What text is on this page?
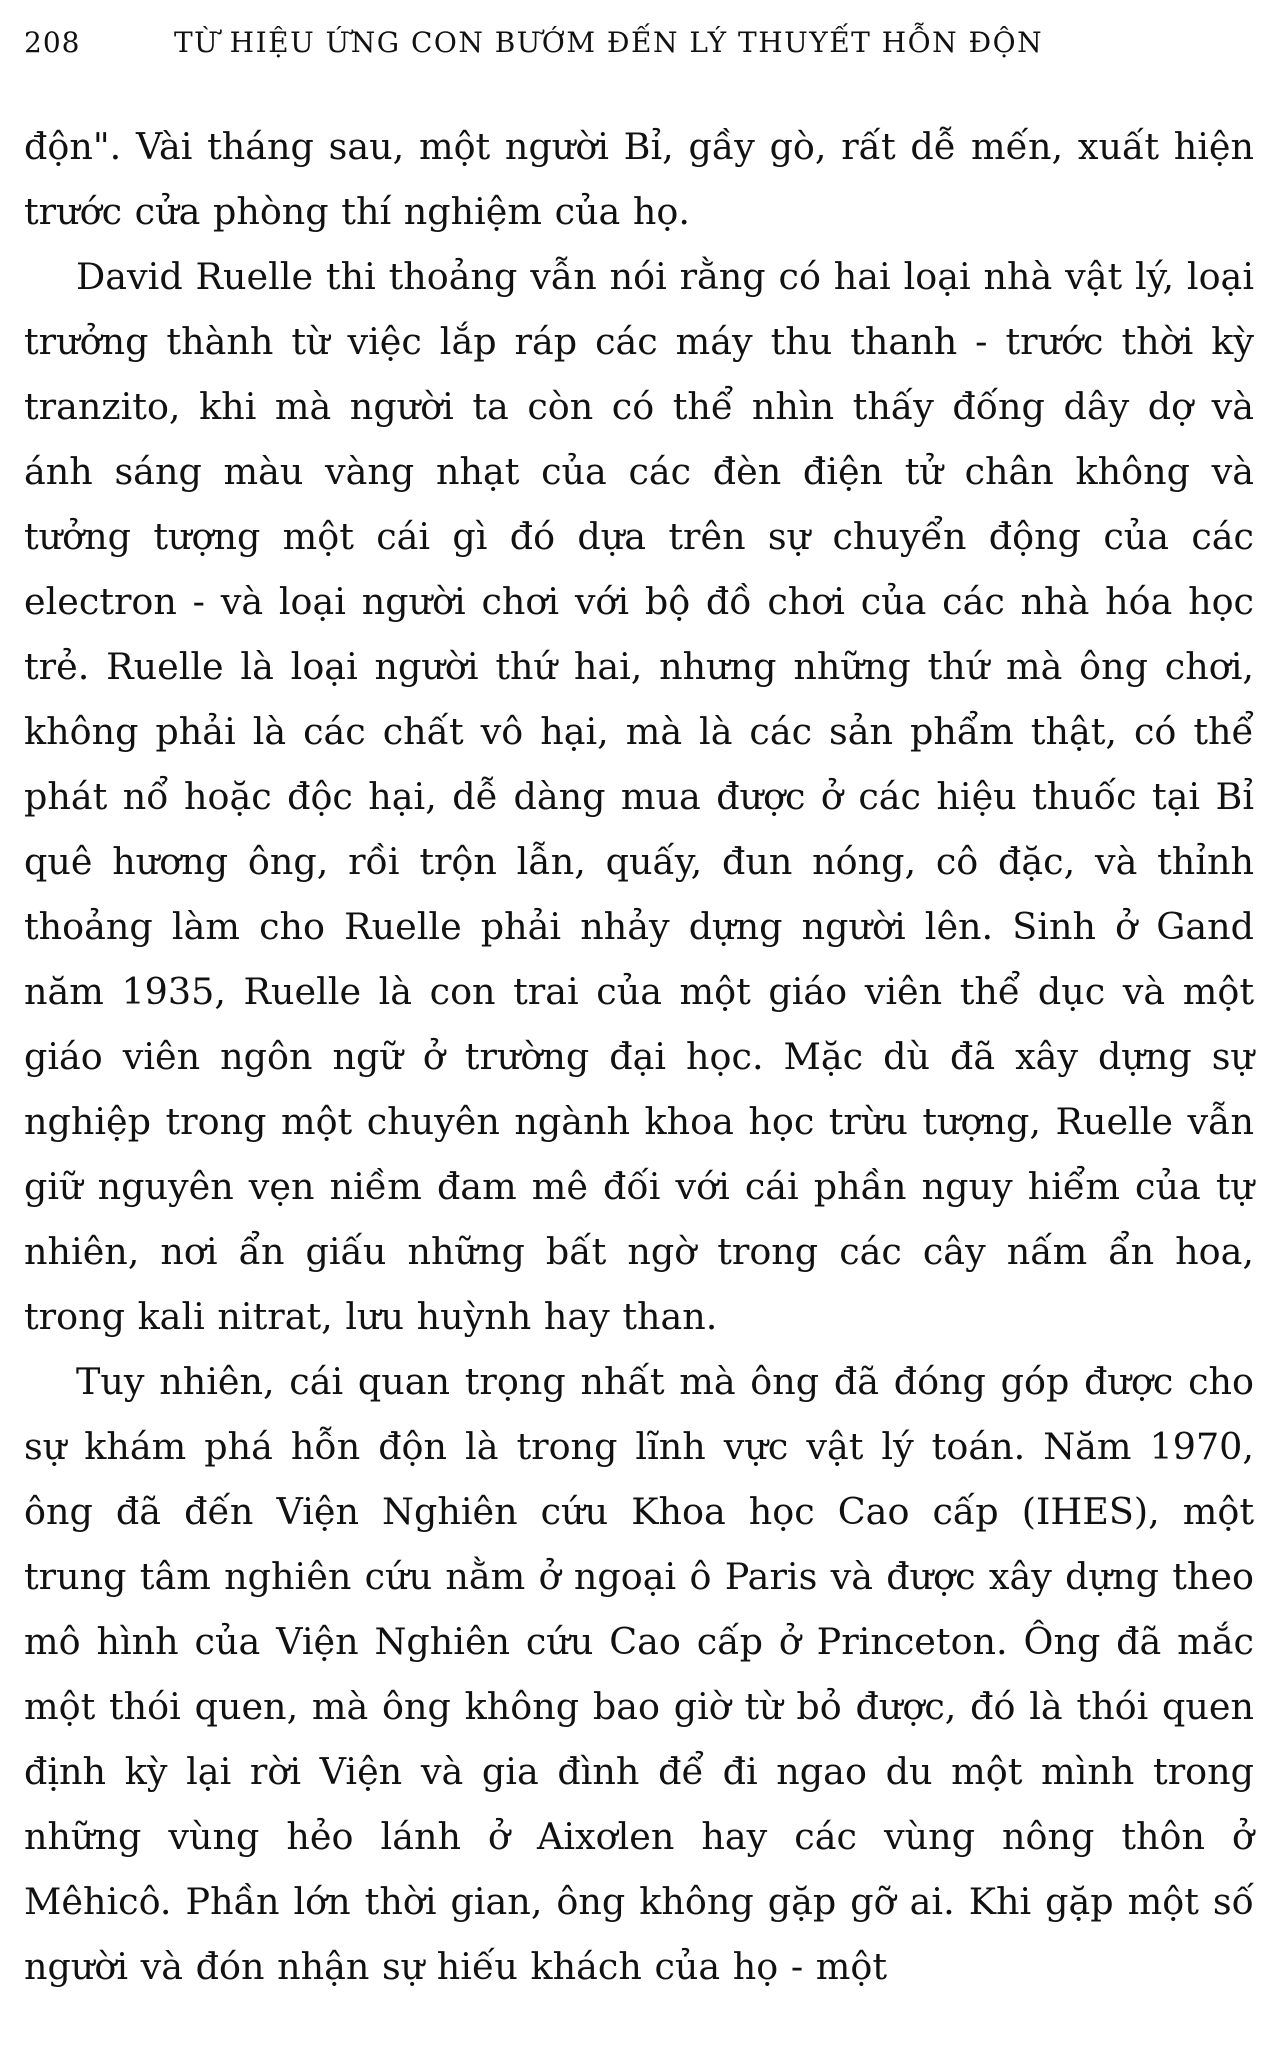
208	TỪ HIỆU ỨNG CON BƯỚM ĐẾN LÝ THUYẾT HỖN ĐỘN

độn". Vài tháng sau, một người Bỉ, gầy gò, rất dễ mến, xuất hiện trước cửa phòng thí nghiệm của họ.

David Ruelle thi thoảng vẫn nói rằng có hai loại nhà vật lý, loại trưởng thành từ việc lắp ráp các máy thu thanh - trước thời kỳ tranzito, khi mà người ta còn có thể nhìn thấy đống dây dợ và ánh sáng màu vàng nhạt của các đèn điện tử chân không và tưởng tượng một cái gì đó dựa trên sự chuyển động của các electron - và loại người chơi với bộ đồ chơi của các nhà hóa học trẻ. Ruelle là loại người thứ hai, nhưng những thứ mà ông chơi, không phải là các chất vô hại, mà là các sản phẩm thật, có thể phát nổ hoặc độc hại, dễ dàng mua được ở các hiệu thuốc tại Bỉ quê hương ông, rồi trộn lẫn, quấy, đun nóng, cô đặc, và thỉnh thoảng làm cho Ruelle phải nhảy dựng người lên. Sinh ở Gand năm 1935, Ruelle là con trai của một giáo viên thể dục và một giáo viên ngôn ngữ ở trường đại học. Mặc dù đã xây dựng sự nghiệp trong một chuyên ngành khoa học trừu tượng, Ruelle vẫn giữ nguyên vẹn niềm đam mê đối với cái phần nguy hiểm của tự nhiên, nơi ẩn giấu những bất ngờ trong các cây nấm ẩn hoa, trong kali nitrat, lưu huỳnh hay than.

Tuy nhiên, cái quan trọng nhất mà ông đã đóng góp được cho sự khám phá hỗn độn là trong lĩnh vực vật lý toán. Năm 1970, ông đã đến Viện Nghiên cứu Khoa học Cao cấp (IHES), một trung tâm nghiên cứu nằm ở ngoại ô Paris và được xây dựng theo mô hình của Viện Nghiên cứu Cao cấp ở Princeton. Ông đã mắc một thói quen, mà ông không bao giờ từ bỏ được, đó là thói quen định kỳ lại rời Viện và gia đình để đi ngao du một mình trong những vùng hẻo lánh ở Aixơlen hay các vùng nông thôn ở Mêhicô. Phần lớn thời gian, ông không gặp gỡ ai. Khi gặp một số người và đón nhận sự hiếu khách của họ - một
